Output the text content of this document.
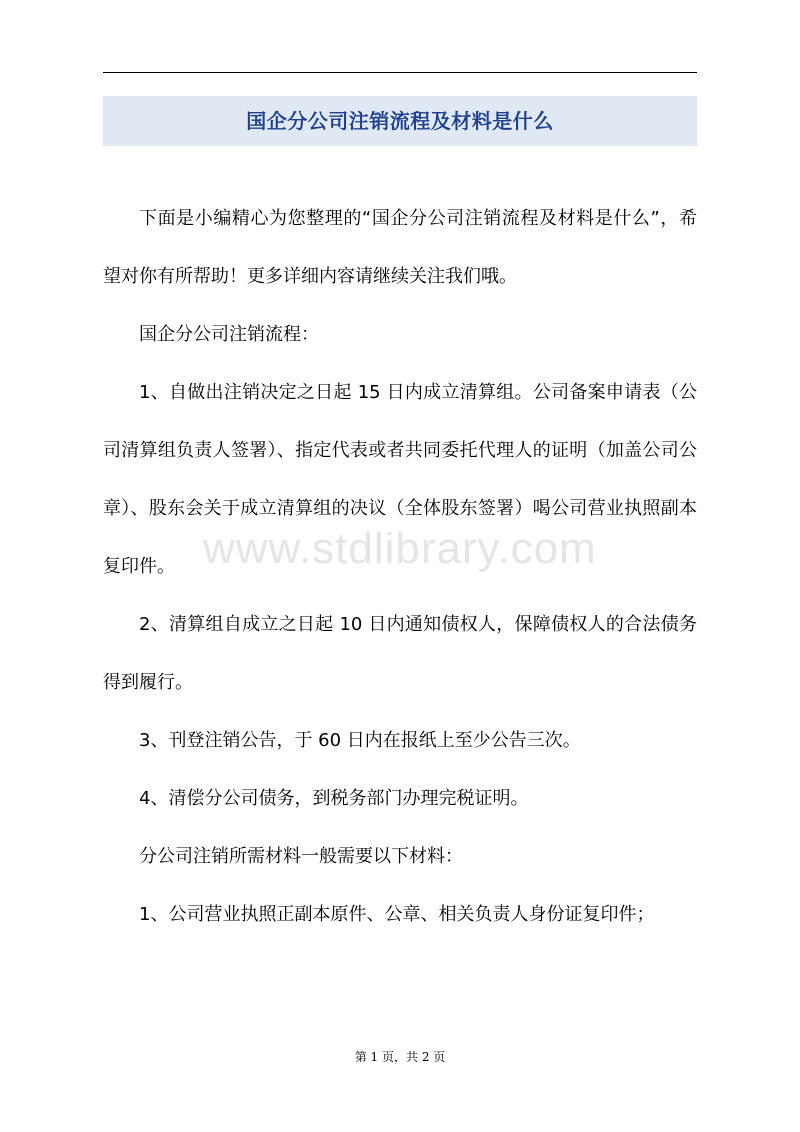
国企分公司注销流程及材料是什么
www.stdlibrary.com

下面是小编精心为您整理的“国企分公司注销流程及材料是什么”，希望对你有所帮助！更多详细内容请继续关注我们哦。

国企分公司注销流程：

1、自做出注销决定之日起 15 日内成立清算组。公司备案申请表（公司清算组负责人签署）、指定代表或者共同委托代理人的证明（加盖公司公章）、股东会关于成立清算组的决议（全体股东签署）喝公司营业执照副本复印件。

2、清算组自成立之日起 10 日内通知债权人，保障债权人的合法债务得到履行。

3、刊登注销公告，于 60 日内在报纸上至少公告三次。

4、清偿分公司债务，到税务部门办理完税证明。

分公司注销所需材料一般需要以下材料：

1、公司营业执照正副本原件、公章、相关负责人身份证复印件；

第 1 页，共 2 页
